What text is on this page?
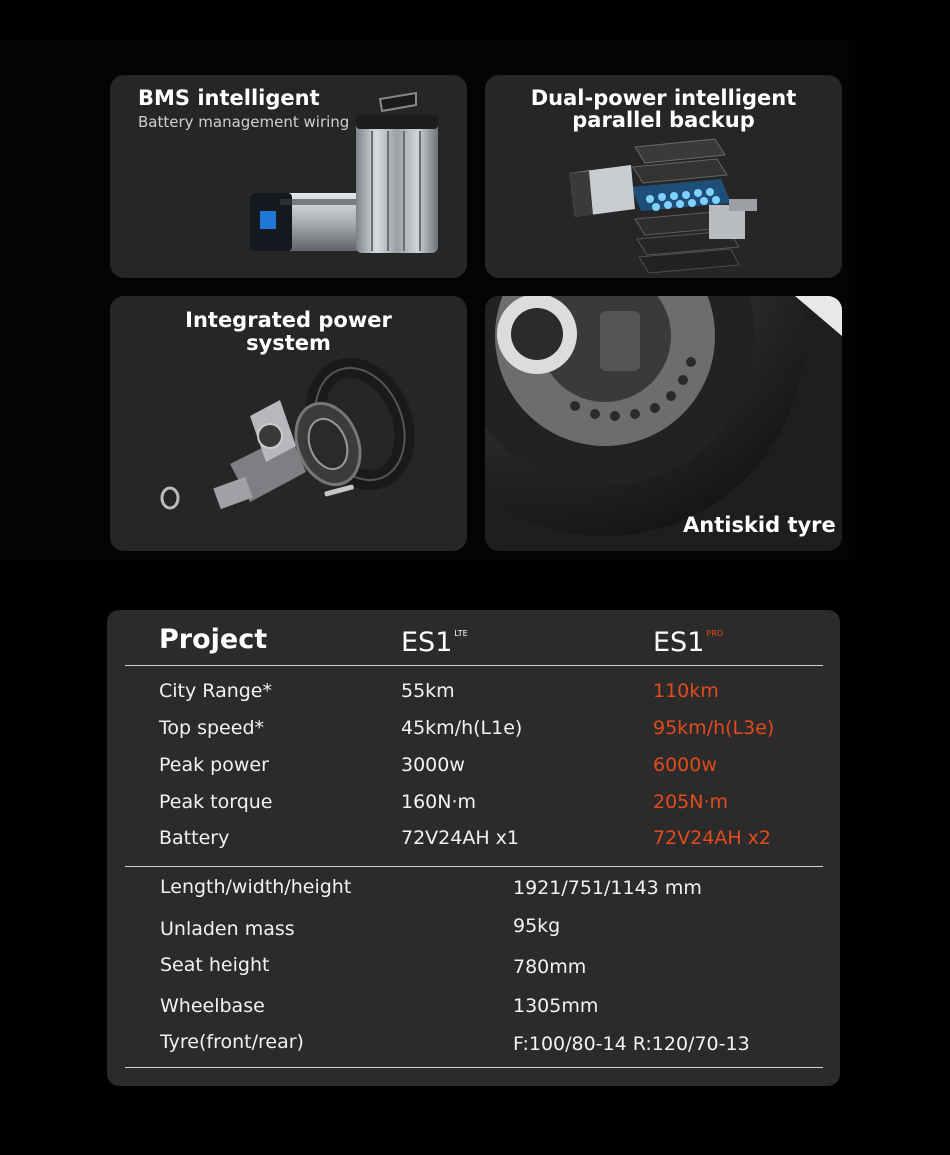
BMS intelligent
Battery management wiring
Dual-power intelligent
parallel backup
Integrated power
system
Antiskid tyre
Project	ES1 $^{LTE}$	ES1 $^{PRO}$
City Range*	55km	110km
Top speed*	45km/h(L1e)	95km/h(L3e)
Peak power	3000w	6000w
Peak torque	160N·m	205N·m
Battery	72V24AH x1	72V24AH x2
Length/width/height	1921/751/1143 mm
Unladen mass	95kg
Seat height	780mm
Wheelbase	1305mm
Tyre(front/rear)	F:100/80-14 R:120/70-13
